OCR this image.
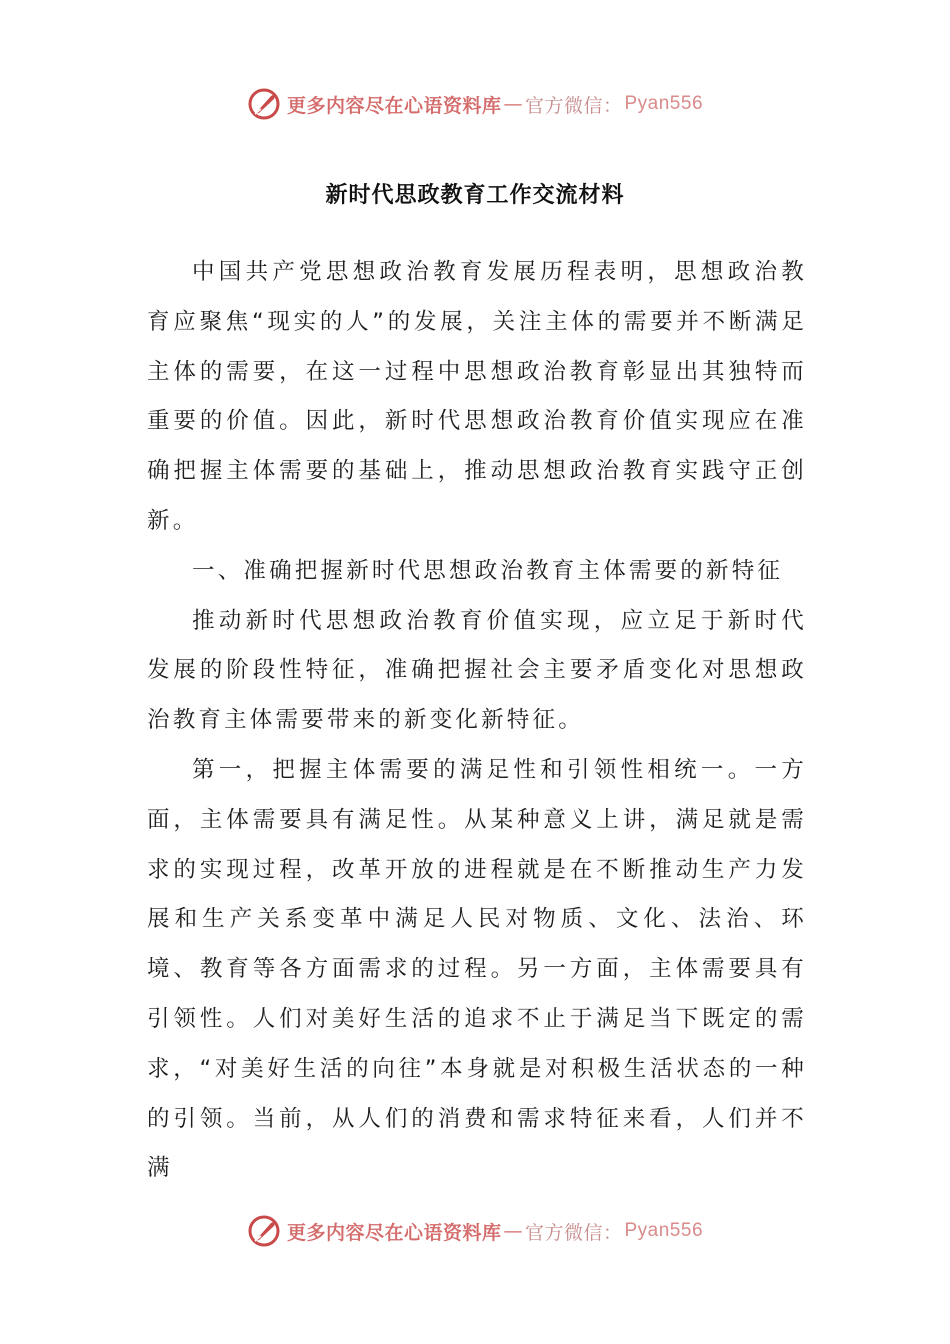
更多内容尽在心语资料库 — 官方微信： Pyan556
新时代思政教育工作交流材料

中国共产党思想政治教育发展历程表明，思想政治教育应聚焦“现实的人”的发展，关注主体的需要并不断满足主体的需要，在这一过程中思想政治教育彰显出其独特而重要的价值。因此，新时代思想政治教育价值实现应在准确把握主体需要的基础上，推动思想政治教育实践守正创新。

一、准确把握新时代思想政治教育主体需要的新特征

推动新时代思想政治教育价值实现，应立足于新时代发展的阶段性特征，准确把握社会主要矛盾变化对思想政治教育主体需要带来的新变化新特征。

第一，把握主体需要的满足性和引领性相统一。一方面，主体需要具有满足性。从某种意义上讲，满足就是需求的实现过程，改革开放的进程就是在不断推动生产力发展和生产关系变革中满足人民对物质、文化、法治、环境、教育等各方面需求的过程。另一方面，主体需要具有引领性。人们对美好生活的追求不止于满足当下既定的需求，“对美好生活的向往”本身就是对积极生活状态的一种的引领。当前，从人们的消费和需求特征来看，人们并不满

更多内容尽在心语资料库 — 官方微信： Pyan556
